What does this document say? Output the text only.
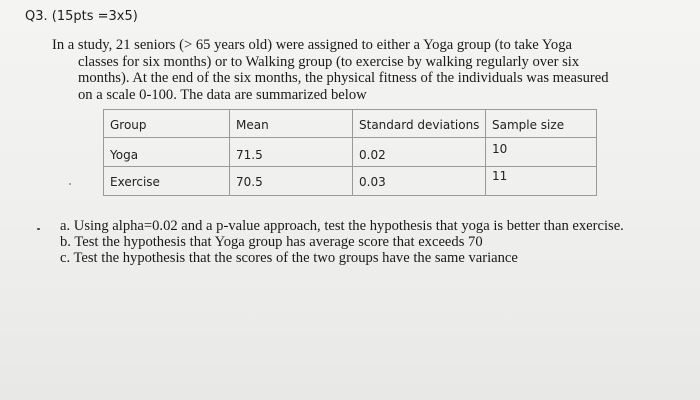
Q3. (15pts =3x5)
In a study, 21 seniors (> 65 years old) were assigned to either a Yoga group (to take Yoga
classes for six months) or to Walking group (to exercise by walking regularly over six
months). At the end of the six months, the physical fitness of the individuals was measured
on a scale 0-100. The data are summarized below
Group	Mean	Standard deviations	Sample size
Yoga	71.5	0.02	10
Exercise	70.5	0.03	11
a. Using alpha=0.02 and a p-value approach, test the hypothesis that yoga is better than exercise.
b. Test the hypothesis that Yoga group has average score that exceeds 70
c. Test the hypothesis that the scores of the two groups have the same variance
